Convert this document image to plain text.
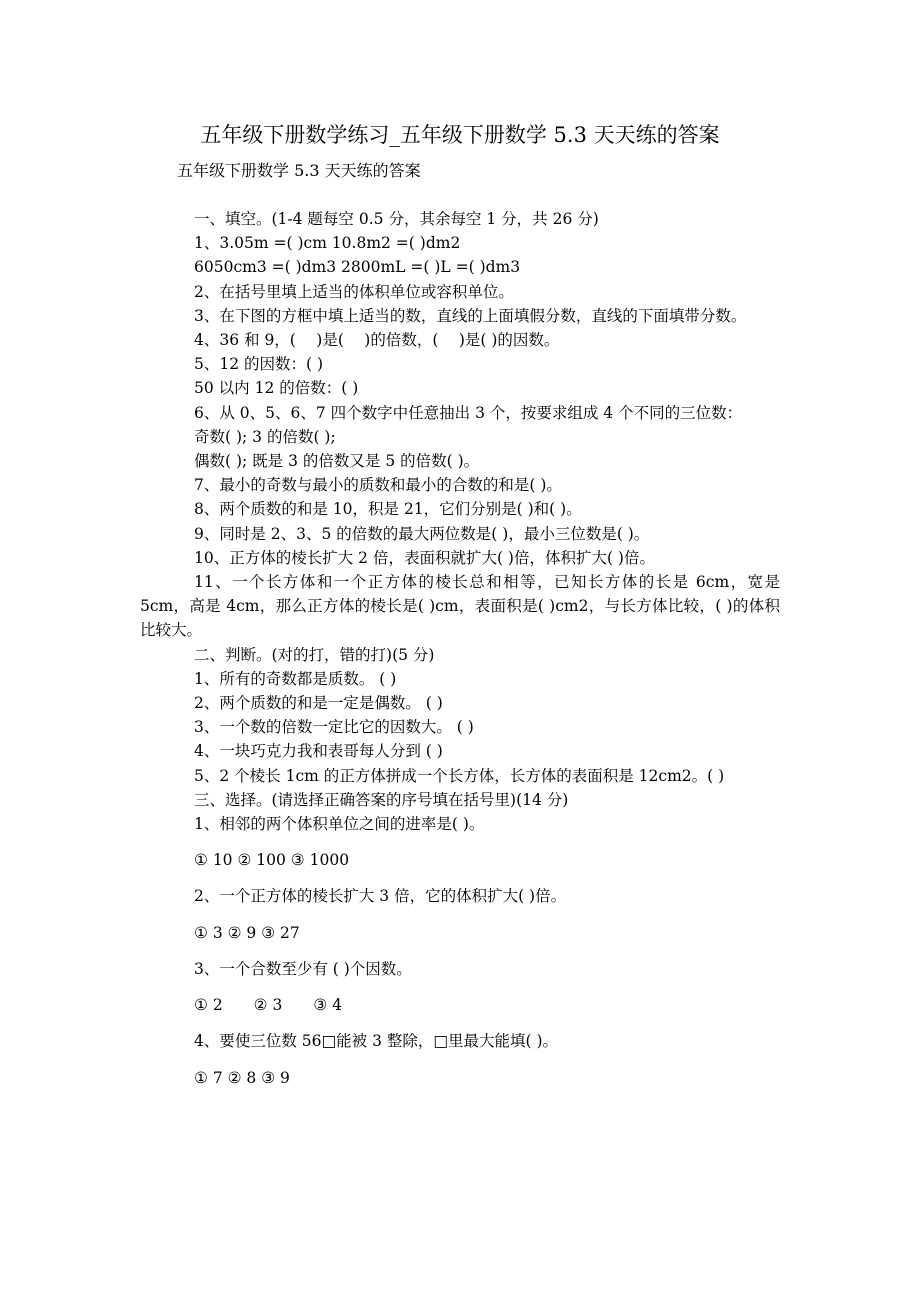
五年级下册数学练习_五年级下册数学 5.3 天天练的答案
五年级下册数学 5.3 天天练的答案

一、填空。(1-4 题每空 0.5 分，其余每空 1 分，共 26 分)

1、3.05m =( )cm 10.8m2 =( )dm2

6050cm3 =( )dm3 2800mL =( )L =( )dm3

2、在括号里填上适当的体积单位或容积单位。

3、在下图的方框中填上适当的数，直线的上面填假分数，直线的下面填带分数。

4、36 和 9，(　 )是(　 )的倍数，(　 )是( )的因数。

5、12 的因数：( )

50 以内 12 的倍数：( )

6、从 0、5、6、7 四个数字中任意抽出 3 个，按要求组成 4 个不同的三位数：

奇数( ); 3 的倍数( );

偶数( ); 既是 3 的倍数又是 5 的倍数( )。

7、最小的奇数与最小的质数和最小的合数的和是( )。

8、两个质数的和是 10，积是 21，它们分别是( )和( )。

9、同时是 2、3、5 的倍数的最大两位数是( )，最小三位数是( )。

10、正方体的棱长扩大 2 倍，表面积就扩大( )倍，体积扩大( )倍。

11、一个长方体和一个正方体的棱长总和相等，已知长方体的长是 6cm，宽是 5cm，高是 4cm，那么正方体的棱长是( )cm，表面积是( )cm2，与长方体比较，( )的体积比较大。

二、判断。(对的打，错的打)(5 分)

1、所有的奇数都是质数。 ( )

2、两个质数的和是一定是偶数。 ( )

3、一个数的倍数一定比它的因数大。 ( )

4、一块巧克力我和表哥每人分到 ( )

5、2 个棱长 1cm 的正方体拼成一个长方体，长方体的表面积是 12cm2。( )

三、选择。(请选择正确答案的序号填在括号里)(14 分)

1、相邻的两个体积单位之间的进率是( )。

① 10 ② 100 ③ 1000

2、一个正方体的棱长扩大 3 倍，它的体积扩大( )倍。

① 3 ② 9 ③ 27

3、一个合数至少有 ( )个因数。

① 2　　② 3　　③ 4

4、要使三位数 56□能被 3 整除，□里最大能填( )。

① 7 ② 8 ③ 9
